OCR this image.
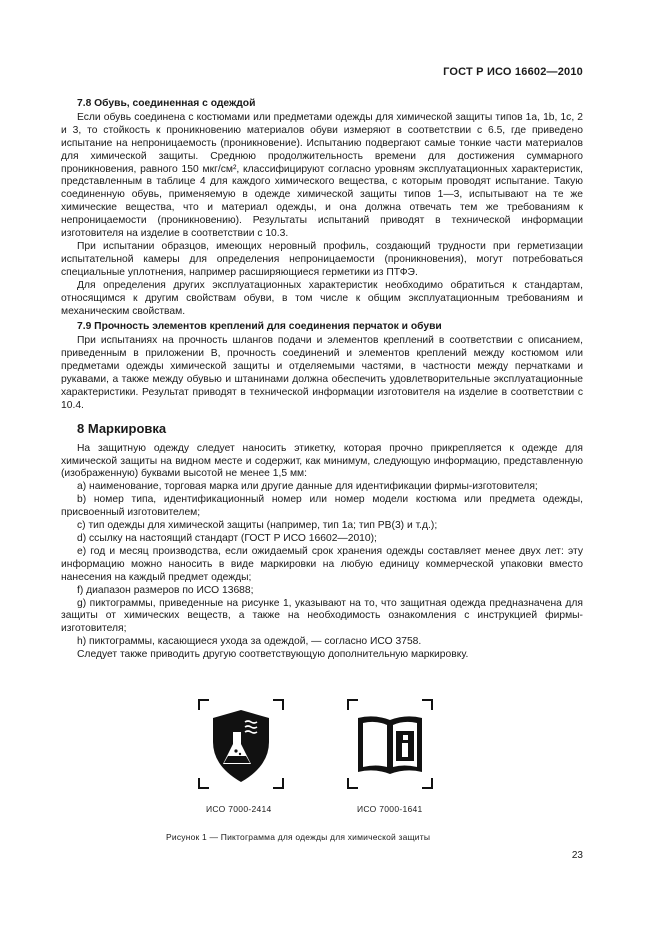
ГОСТ Р ИСО 16602—2010
7.8 Обувь, соединенная с одеждой

Если обувь соединена с костюмами или предметами одежды для химической защиты типов 1а, 1b, 1с, 2 и 3, то стойкость к проникновению материалов обуви измеряют в соответствии с 6.5, где приведено испытание на непроницаемость (проникновение). Испытанию подвергают самые тонкие части материалов для химической защиты. Среднюю продолжительность времени для достижения суммарного проникновения, равного 150 мкг/см², классифицируют согласно уровням эксплуатационных характеристик, представленным в таблице 4 для каждого химического вещества, с которым проводят испытание. Такую соединенную обувь, применяемую в одежде химической защиты типов 1—3, испытывают на те же химические вещества, что и материал одежды, и она должна отвечать тем же требованиям к непроницаемости (проникновению). Результаты испытаний приводят в технической информации изготовителя на изделие в соответствии с 10.3.

При испытании образцов, имеющих неровный профиль, создающий трудности при герметизации испытательной камеры для определения непроницаемости (проникновения), могут потребоваться специальные уплотнения, например расширяющиеся герметики из ПТФЭ.

Для определения других эксплуатационных характеристик необходимо обратиться к стандартам, относящимся к другим свойствам обуви, в том числе к общим эксплуатационным требованиям и механическим свойствам.

7.9 Прочность элементов креплений для соединения перчаток и обуви

При испытаниях на прочность шлангов подачи и элементов креплений в соответствии с описанием, приведенным в приложении В, прочность соединений и элементов креплений между костюмом или предметами одежды химической защиты и отделяемыми частями, в частности между перчатками и рукавами, а также между обувью и штанинами должна обеспечить удовлетворительные эксплуатационные характеристики. Результат приводят в технической информации изготовителя на изделие в соответствии с 10.4.

8 Маркировка

На защитную одежду следует наносить этикетку, которая прочно прикрепляется к одежде для химической защиты на видном месте и содержит, как минимум, следующую информацию, представленную (изображенную) буквами высотой не менее 1,5 мм:

a) наименование, торговая марка или другие данные для идентификации фирмы-изготовителя;

b) номер типа, идентификационный номер или номер модели костюма или предмета одежды, присвоенный изготовителем;

c) тип одежды для химической защиты (например, тип 1а; тип PB(3) и т.д.);

d) ссылку на настоящий стандарт (ГОСТ Р ИСО 16602—2010);

e) год и месяц производства, если ожидаемый срок хранения одежды составляет менее двух лет: эту информацию можно наносить в виде маркировки на любую единицу коммерческой упаковки вместо нанесения на каждый предмет одежды;

f) диапазон размеров по ИСО 13688;

g) пиктограммы, приведенные на рисунке 1, указывают на то, что защитная одежда предназначена для защиты от химических веществ, а также на необходимость ознакомления с инструкцией фирмы-изготовителя;

h) пиктограммы, касающиеся ухода за одеждой, — согласно ИСО 3758.

Следует также приводить другую соответствующую дополнительную маркировку.

ИСО 7000-2414	ИСО 7000-1641
Рисунок 1 — Пиктограмма для одежды для химической защиты
23
